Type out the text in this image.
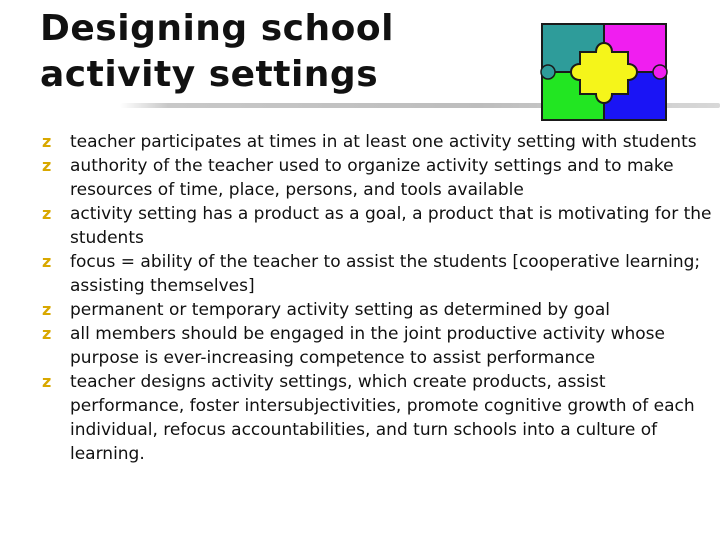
Designing school
activity settings
z teacher participates at times in at least one activity setting with students
z authority of the teacher used to organize activity settings and to make resources of time, place, persons, and tools available
z activity setting has a product as a goal, a product that is motivating for the students
z focus = ability of the teacher to assist the students [cooperative learning; assisting themselves]
z permanent or temporary activity setting as determined by goal
z all members should be engaged in the joint productive activity whose purpose is ever-increasing competence to assist performance
z teacher designs activity settings, which create products, assist performance, foster intersubjectivities, promote cognitive growth of each individual, refocus accountabilities, and turn schools into a culture of learning.
